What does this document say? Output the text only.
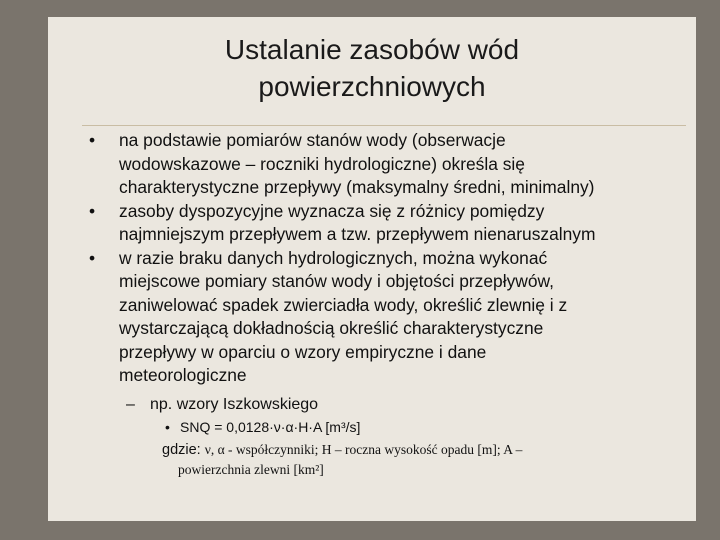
Ustalanie zasobów wód
powierzchniowych
• na podstawie pomiarów stanów wody (obserwacje
wodowskazowe – roczniki hydrologiczne) określa się
charakterystyczne przepływy (maksymalny średni, minimalny)
• zasoby dyspozycyjne wyznacza się z różnicy pomiędzy
najmniejszym przepływem a tzw. przepływem nienaruszalnym
• w razie braku danych hydrologicznych, można wykonać
miejscowe pomiary stanów wody i objętości przepływów,
zaniwelować spadek zwierciadła wody, określić zlewnię i z
wystarczającą dokładnością określić charakterystyczne
przepływy w oparciu o wzory empiryczne i dane
meteorologiczne
– np. wzory Iszkowskiego
• SNQ = 0,0128·ν·α·H·A [m³/s]
gdzie: ν, α - współczynniki; H – roczna wysokość opadu [m]; A –
powierzchnia zlewni [km²]
